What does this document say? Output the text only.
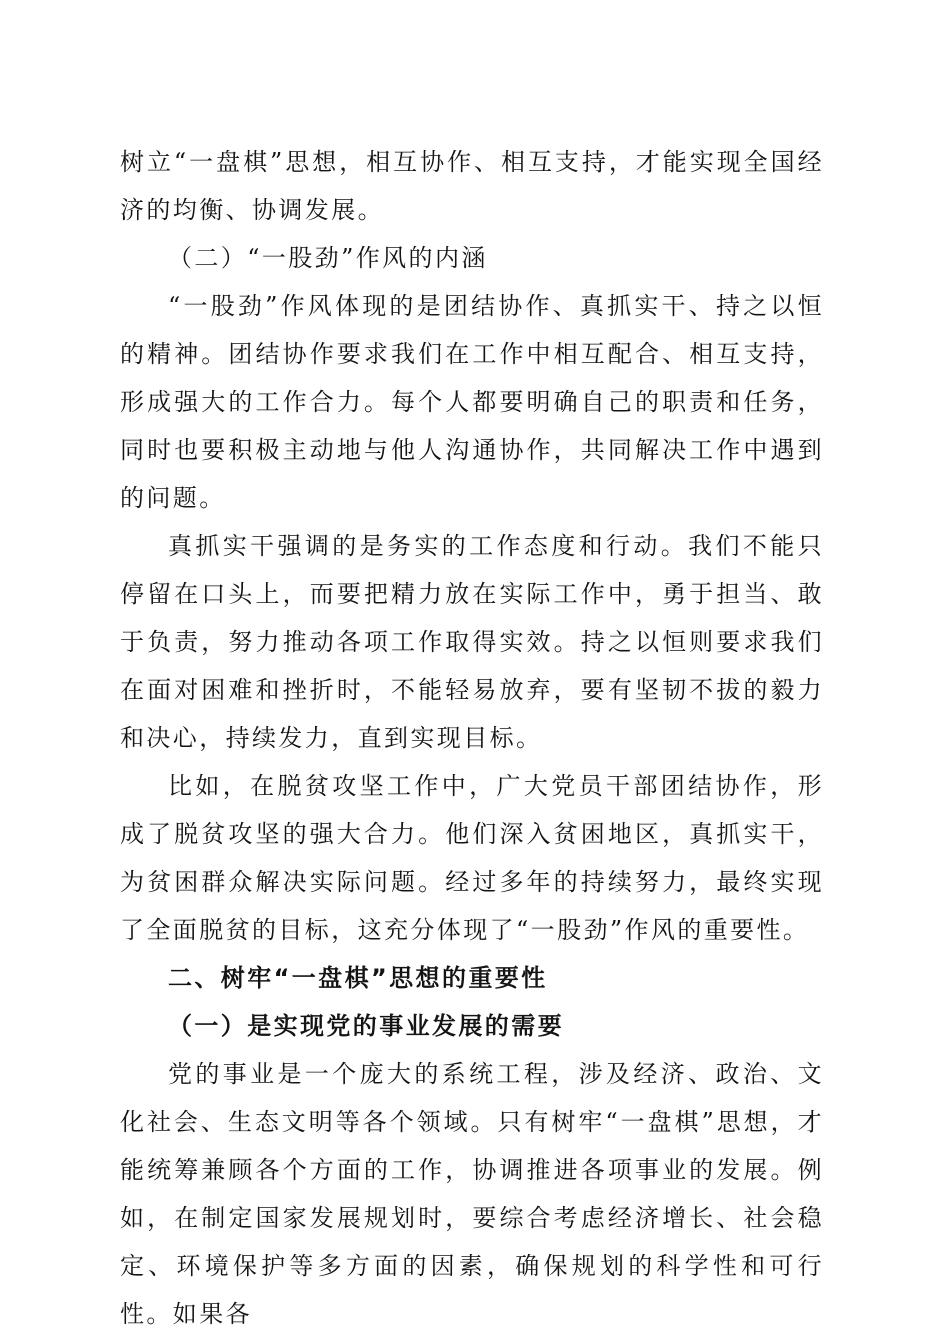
树立“一盘棋”思想，相互协作、相互支持，才能实现全国经济的均衡、协调发展。

（二）“一股劲”作风的内涵

“一股劲”作风体现的是团结协作、真抓实干、持之以恒的精神。团结协作要求我们在工作中相互配合、相互支持，形成强大的工作合力。每个人都要明确自己的职责和任务，同时也要积极主动地与他人沟通协作，共同解决工作中遇到的问题。

真抓实干强调的是务实的工作态度和行动。我们不能只停留在口头上，而要把精力放在实际工作中，勇于担当、敢于负责，努力推动各项工作取得实效。持之以恒则要求我们在面对困难和挫折时，不能轻易放弃，要有坚韧不拔的毅力和决心，持续发力，直到实现目标。

比如，在脱贫攻坚工作中，广大党员干部团结协作，形成了脱贫攻坚的强大合力。他们深入贫困地区，真抓实干，为贫困群众解决实际问题。经过多年的持续努力，最终实现了全面脱贫的目标，这充分体现了“一股劲”作风的重要性。

二、树牢“一盘棋”思想的重要性

（一）是实现党的事业发展的需要

党的事业是一个庞大的系统工程，涉及经济、政治、文化社会、生态文明等各个领域。只有树牢“一盘棋”思想，才能统筹兼顾各个方面的工作，协调推进各项事业的发展。例如，在制定国家发展规划时，要综合考虑经济增长、社会稳定、环境保护等多方面的因素，确保规划的科学性和可行性。如果各
